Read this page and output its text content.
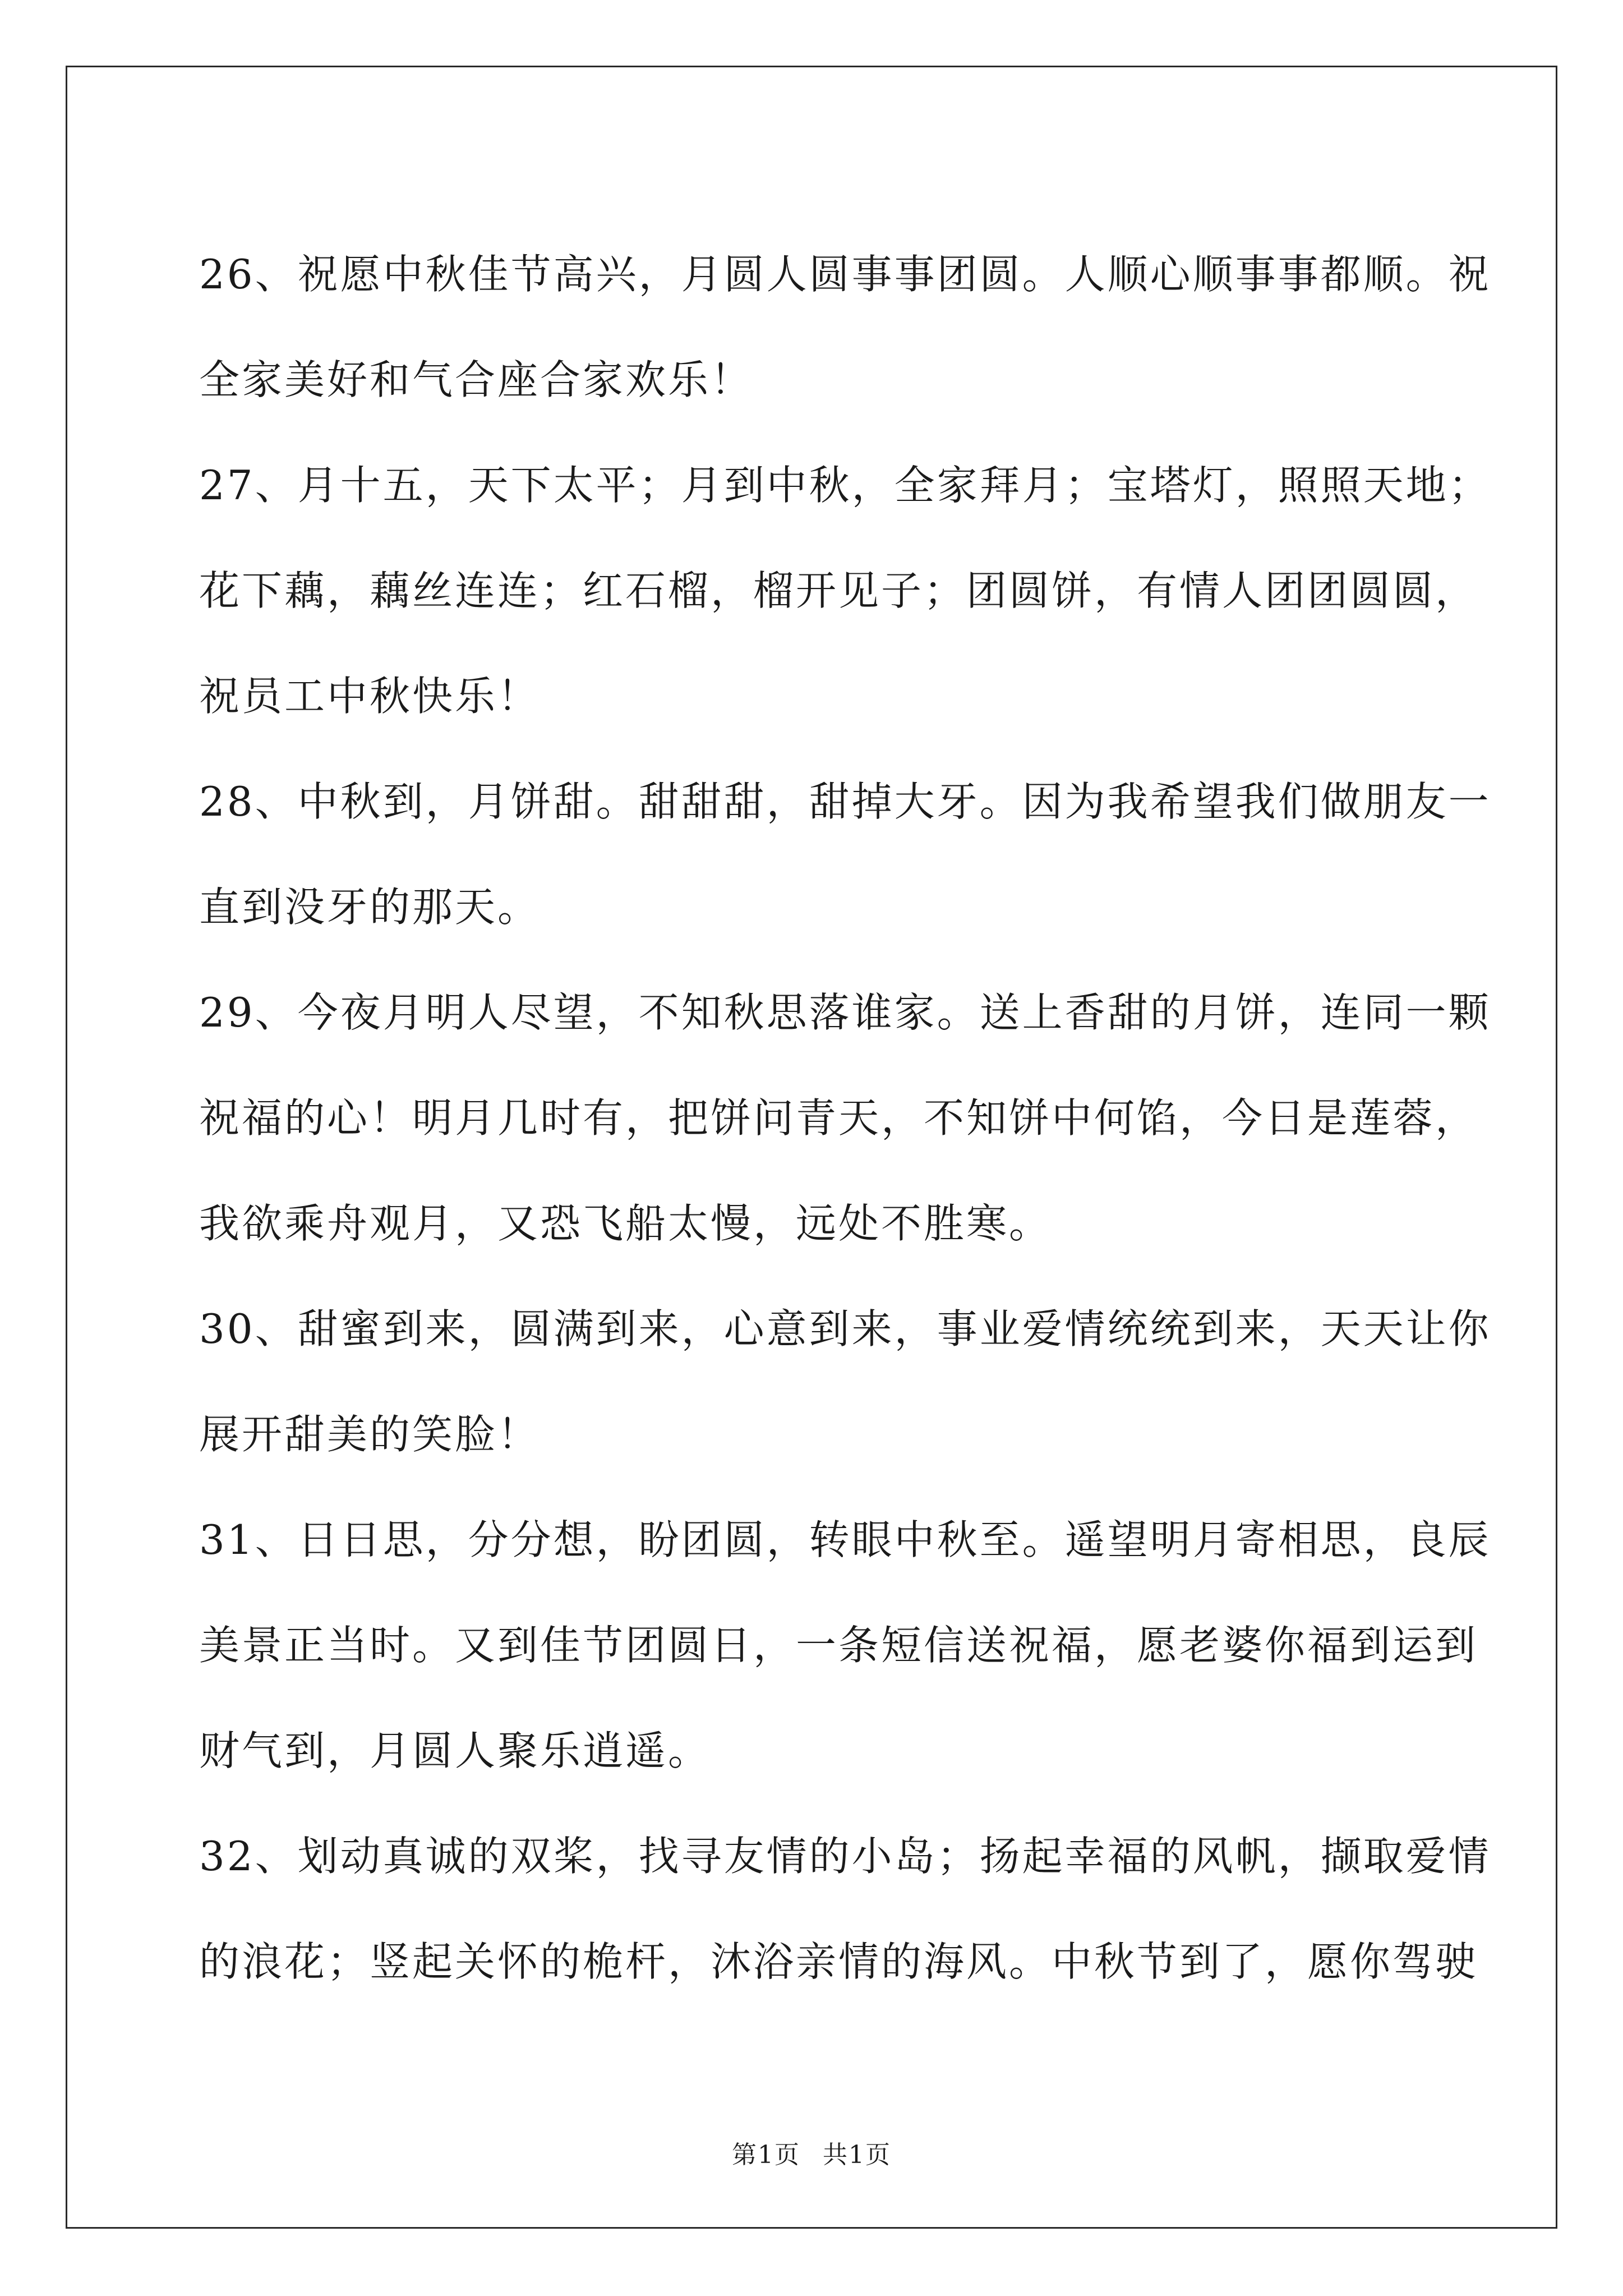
26、祝愿中秋佳节高兴，月圆人圆事事团圆。人顺心顺事事都顺。祝
全家美好和气合座合家欢乐！
27、月十五，天下太平；月到中秋，全家拜月；宝塔灯，照照天地；
花下藕，藕丝连连；红石榴，榴开见子；团圆饼，有情人团团圆圆，
祝员工中秋快乐！
28、中秋到，月饼甜。甜甜甜，甜掉大牙。因为我希望我们做朋友一
直到没牙的那天。
29、今夜月明人尽望，不知秋思落谁家。送上香甜的月饼，连同一颗
祝福的心！明月几时有，把饼问青天，不知饼中何馅，今日是莲蓉，
我欲乘舟观月，又恐飞船太慢，远处不胜寒。
30、甜蜜到来，圆满到来，心意到来，事业爱情统统到来，天天让你
展开甜美的笑脸！
31、日日思，分分想，盼团圆，转眼中秋至。遥望明月寄相思，良辰
美景正当时。又到佳节团圆日，一条短信送祝福，愿老婆你福到运到
财气到，月圆人聚乐逍遥。
32、划动真诚的双桨，找寻友情的小岛；扬起幸福的风帆，撷取爱情
的浪花；竖起关怀的桅杆，沐浴亲情的海风。中秋节到了，愿你驾驶
第1页 共1页
